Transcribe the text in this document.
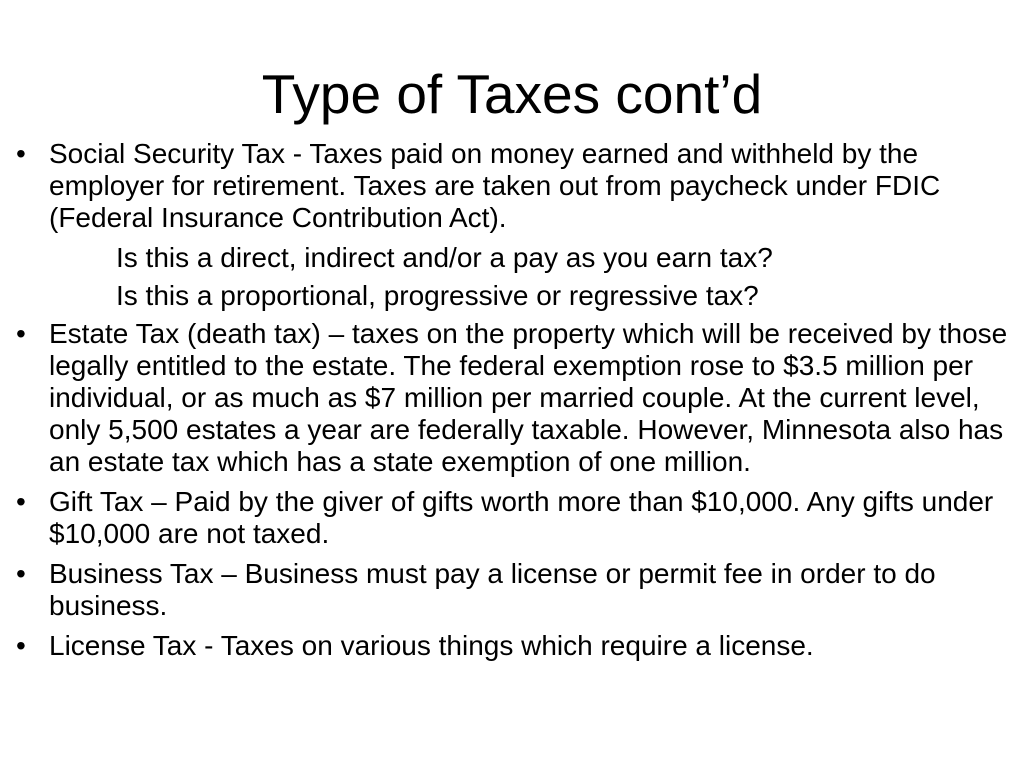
Type of Taxes cont’d
• Social Security Tax - Taxes paid on money earned and withheld by the employer for retirement. Taxes are taken out from paycheck under FDIC (Federal Insurance Contribution Act).
Is this a direct, indirect and/or a pay as you earn tax?
Is this a proportional, progressive or regressive tax?
• Estate Tax (death tax) – taxes on the property which will be received by those legally entitled to the estate. The federal exemption rose to $3.5 million per individual, or as much as $7 million per married couple. At the current level, only 5,500 estates a year are federally taxable. However, Minnesota also has an estate tax which has a state exemption of one million.
• Gift Tax – Paid by the giver of gifts worth more than $10,000. Any gifts under $10,000 are not taxed.
• Business Tax – Business must pay a license or permit fee in order to do business.
• License Tax - Taxes on various things which require a license.
